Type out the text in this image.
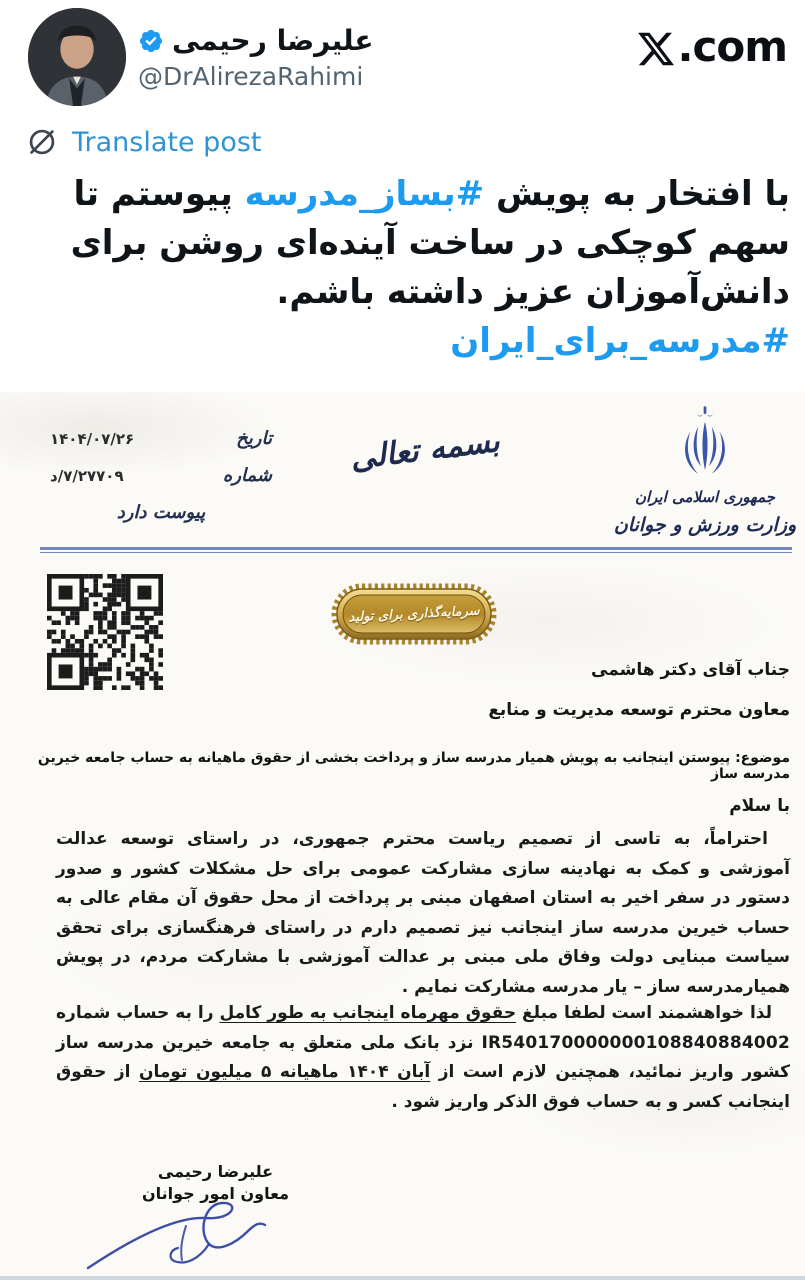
علیرضا رحیمی
@DrAlirezaRahimi
.com
Translate post
با افتخار به پویش #بساز_مدرسه پیوستم تا سهم کوچکی در ساخت آینده‌ای روشن برای دانش‌آموزان عزیز داشته باشم.
#مدرسه_برای_ایران
تاریخ
۱۴۰۴/۰۷/۲۶
شماره
۷/۲۷۷۰۹/د
پیوست دارد
بسمه تعالی
جمهوری اسلامی ایران
وزارت ورزش و جوانان
سرمایه‌گذاری برای تولید
جناب آقای دکتر هاشمی
معاون محترم توسعه مدیریت و منابع
موضوع: پیوستن اینجانب به پویش همیار مدرسه ساز و پرداخت بخشی از حقوق ماهیانه به حساب جامعه خیرین مدرسه ساز
با سلام
احتراماً، به تاسی از تصمیم ریاست محترم جمهوری، در راستای توسعه عدالت آموزشی و کمک به نهادینه سازی مشارکت عمومی برای حل مشکلات کشور و صدور دستور در سفر اخیر به استان اصفهان مبنی بر پرداخت از محل حقوق آن مقام عالی به حساب خیرین مدرسه ساز اینجانب نیز تصمیم دارم در راستای فرهنگسازی برای تحقق سیاست مبنایی دولت وفاق ملی مبنی بر عدالت آموزشی با مشارکت مردم، در پویش همیارمدرسه ساز – یار مدرسه مشارکت نمایم .
لذا خواهشمند است لطفا مبلغ حقوق مهرماه اینجانب به طور کامل را به حساب شماره IR540170000000108840884002 نزد بانک ملی متعلق به جامعه خیرین مدرسه ساز کشور واریز نمائید، همچنین لازم است از آبان ۱۴۰۴ ماهیانه ۵ میلیون تومان از حقوق اینجانب کسر و به حساب فوق الذکر واریز شود .
علیرضا رحیمی
معاون امور جوانان
